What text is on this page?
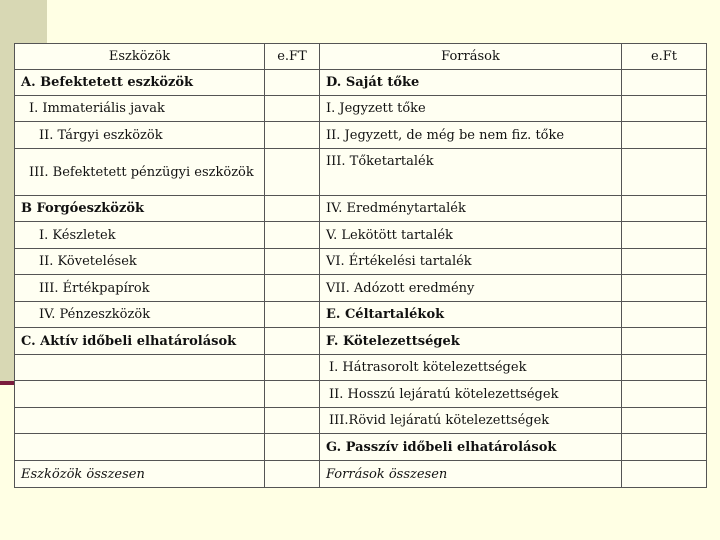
Eszközök	e.FT	Források	e.Ft
A. Befektetett eszközök		D. Saját tőke	
I. Immateriális javak		I. Jegyzett tőke	
II. Tárgyi eszközök		II. Jegyzett, de még be nem fiz. tőke	

III. Befektetett pénzügyi eszközök		III. Tőketartalék	
B Forgóeszközök		IV. Eredménytartalék	
I. Készletek		V. Lekötött tartalék	
II. Követelések		VI. Értékelési tartalék	
III. Értékpapírok		VII. Adózott eredmény	
IV. Pénzeszközök		E. Céltartalékok	
C. Aktív időbeli elhatárolások		F. Kötelezettségek	
		I. Hátrasorolt kötelezettségek	
		II. Hosszú lejáratú kötelezettségek	
		III.Rövid lejáratú kötelezettségek	
		G. Passzív időbeli elhatárolások	
Eszközök összesen		Források összesen	
